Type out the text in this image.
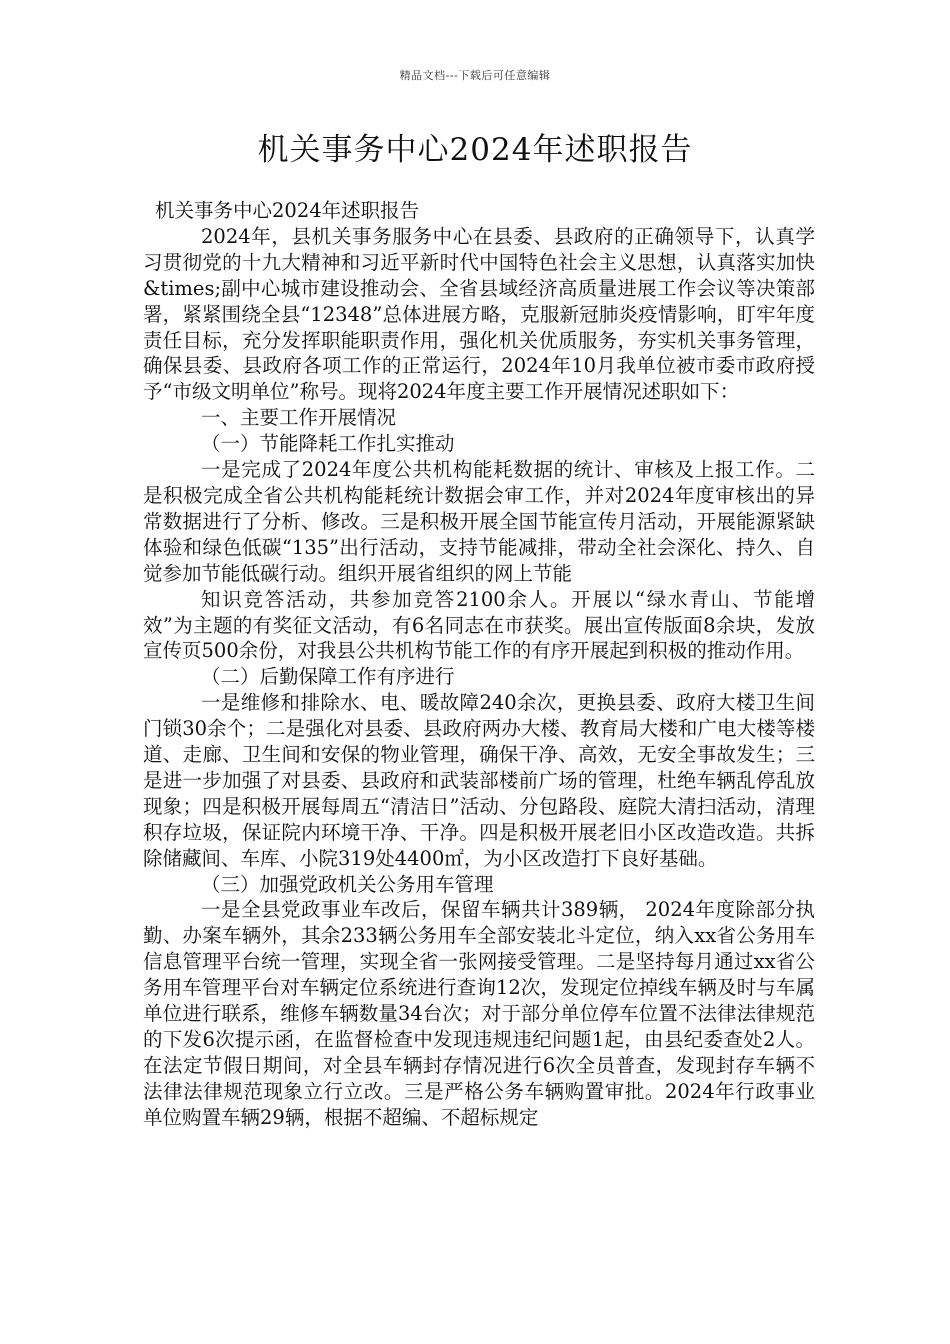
精品文档---下载后可任意编辑
机关事务中心2024年述职报告

机关事务中心2024年述职报告

2024年，县机关事务服务中心在县委、县政府的正确领导下，认真学习贯彻党的十九大精神和习近平新时代中国特色社会主义思想，认真落实加快&times;副中心城市建设推动会、全省县域经济高质量进展工作会议等决策部署，紧紧围绕全县“12348”总体进展方略，克服新冠肺炎疫情影响，盯牢年度责任目标，充分发挥职能职责作用，强化机关优质服务，夯实机关事务管理，确保县委、县政府各项工作的正常运行，2024年10月我单位被市委市政府授予“市级文明单位”称号。现将2024年度主要工作开展情况述职如下：

一、主要工作开展情况

（一）节能降耗工作扎实推动

一是完成了2024年度公共机构能耗数据的统计、审核及上报工作。二是积极完成全省公共机构能耗统计数据会审工作，并对2024年度审核出的异常数据进行了分析、修改。三是积极开展全国节能宣传月活动，开展能源紧缺体验和绿色低碳“135”出行活动，支持节能减排，带动全社会深化、持久、自觉参加节能低碳行动。组织开展省组织的网上节能

知识竞答活动，共参加竞答2100余人。开展以“绿水青山、节能增效”为主题的有奖征文活动，有6名同志在市获奖。展出宣传版面8余块，发放宣传页500余份，对我县公共机构节能工作的有序开展起到积极的推动作用。

（二）后勤保障工作有序进行

一是维修和排除水、电、暖故障240余次，更换县委、政府大楼卫生间门锁30余个；二是强化对县委、县政府两办大楼、教育局大楼和广电大楼等楼道、走廊、卫生间和安保的物业管理，确保干净、高效，无安全事故发生；三是进一步加强了对县委、县政府和武装部楼前广场的管理，杜绝车辆乱停乱放现象；四是积极开展每周五“清洁日”活动、分包路段、庭院大清扫活动，清理积存垃圾，保证院内环境干净、干净。四是积极开展老旧小区改造改造。共拆除储藏间、车库、小院319处4400㎡，为小区改造打下良好基础。

（三）加强党政机关公务用车管理

一是全县党政事业车改后，保留车辆共计389辆， 2024年度除部分执勤、办案车辆外，其余233辆公务用车全部安装北斗定位，纳入xx省公务用车信息管理平台统一管理，实现全省一张网接受管理。二是坚持每月通过xx省公务用车管理平台对车辆定位系统进行查询12次，发现定位掉线车辆及时与车属单位进行联系，维修车辆数量34台次；对于部分单位停车位置不法律法律规范的下发6次提示函，在监督检查中发现违规违纪问题1起，由县纪委查处2人。在法定节假日期间，对全县车辆封存情况进行6次全员普查，发现封存车辆不法律法律规范现象立行立改。三是严格公务车辆购置审批。2024年行政事业单位购置车辆29辆，根据不超编、不超标规定
